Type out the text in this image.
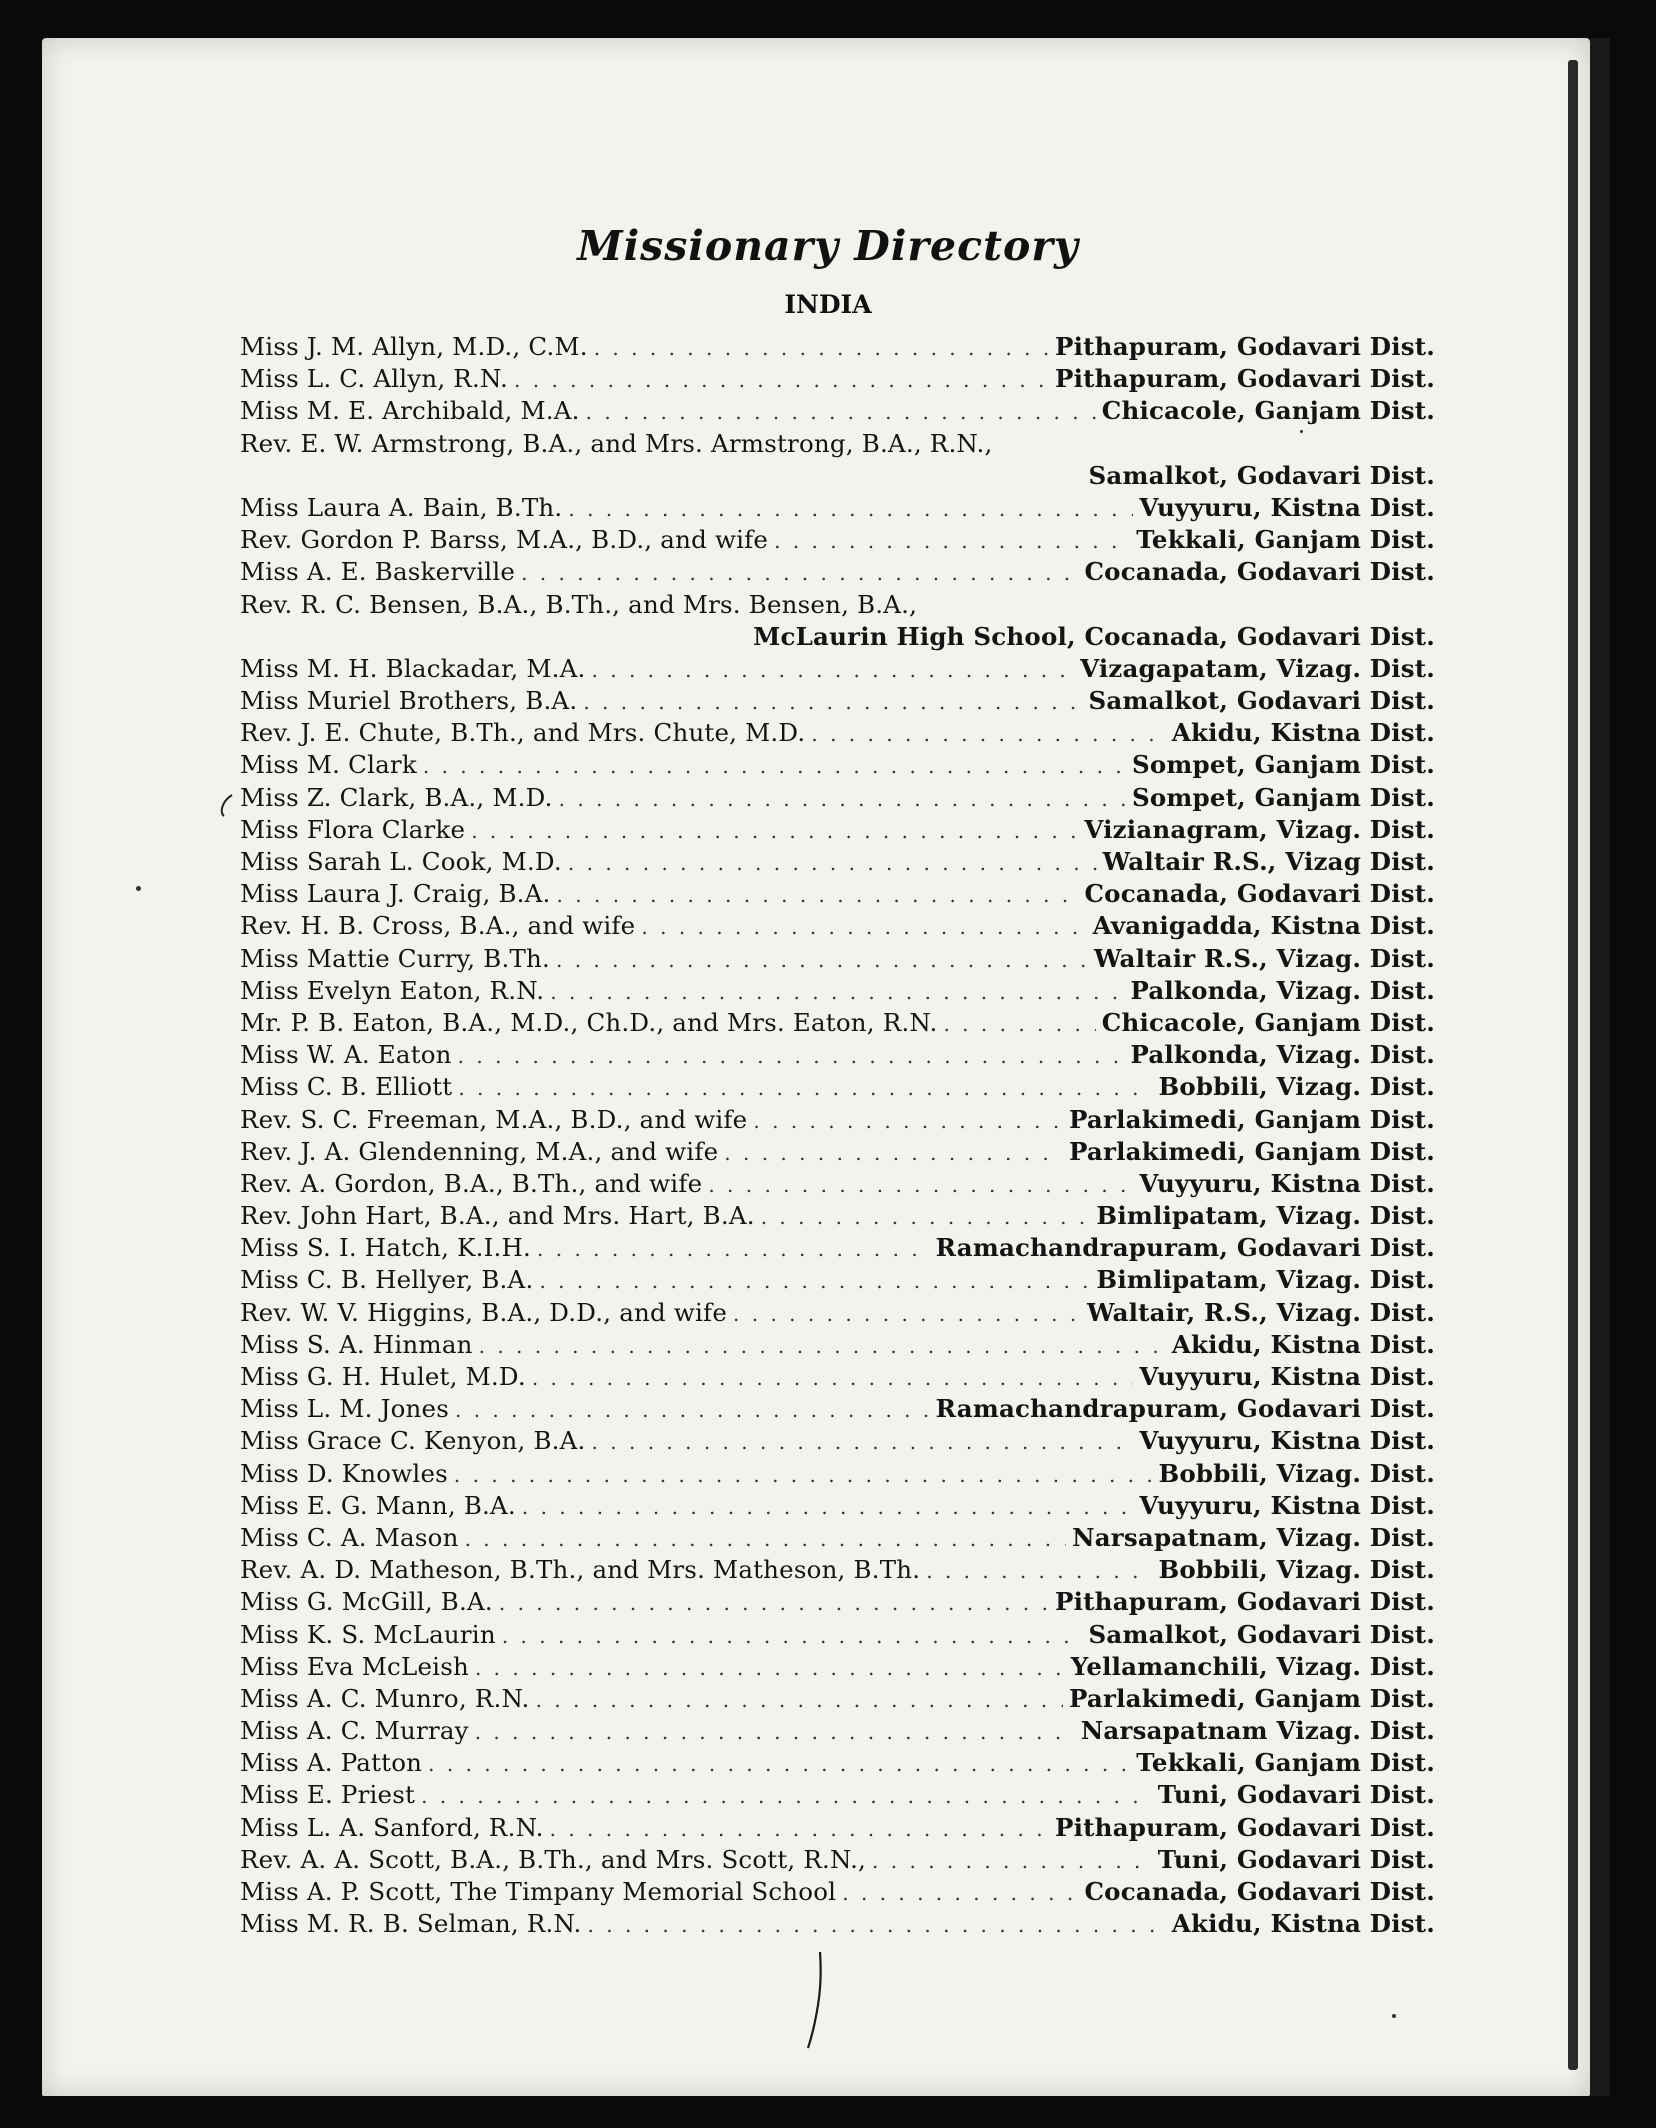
Missionary Directory
INDIA
Miss J. M. Allyn, M.D., C.M. . . .	Pithapuram, Godavari Dist.
Miss L. C. Allyn, R.N. . . .	Pithapuram, Godavari Dist.
Miss M. E. Archibald, M.A. . . .	Chicacole, Ganjam Dist.
Rev. E. W. Armstrong, B.A., and Mrs. Armstrong, B.A., R.N.,
Samalkot, Godavari Dist.
Miss Laura A. Bain, B.Th. . . .	Vuyyuru, Kistna Dist.
Rev. Gordon P. Barss, M.A., B.D., and wife . . .	Tekkali, Ganjam Dist.
Miss A. E. Baskerville . . .	Cocanada, Godavari Dist.
Rev. R. C. Bensen, B.A., B.Th., and Mrs. Bensen, B.A.,
McLaurin High School, Cocanada, Godavari Dist.
Miss M. H. Blackadar, M.A. . . .	Vizagapatam, Vizag. Dist.
Miss Muriel Brothers, B.A. . . .	Samalkot, Godavari Dist.
Rev. J. E. Chute, B.Th., and Mrs. Chute, M.D. . . .	Akidu, Kistna Dist.
Miss M. Clark . . .	Sompet, Ganjam Dist.
Miss Z. Clark, B.A., M.D. . . .	Sompet, Ganjam Dist.
Miss Flora Clarke . . .	Vizianagram, Vizag. Dist.
Miss Sarah L. Cook, M.D. . . .	Waltair R.S., Vizag Dist.
Miss Laura J. Craig, B.A. . . .	Cocanada, Godavari Dist.
Rev. H. B. Cross, B.A., and wife . . .	Avanigadda, Kistna Dist.
Miss Mattie Curry, B.Th. . . .	Waltair R.S., Vizag. Dist.
Miss Evelyn Eaton, R.N. . . .	Palkonda, Vizag. Dist.
Mr. P. B. Eaton, B.A., M.D., Ch.D., and Mrs. Eaton, R.N. . . .	Chicacole, Ganjam Dist.
Miss W. A. Eaton . . .	Palkonda, Vizag. Dist.
Miss C. B. Elliott . . .	Bobbili, Vizag. Dist.
Rev. S. C. Freeman, M.A., B.D., and wife . . .	Parlakimedi, Ganjam Dist.
Rev. J. A. Glendenning, M.A., and wife . . .	Parlakimedi, Ganjam Dist.
Rev. A. Gordon, B.A., B.Th., and wife . . .	Vuyyuru, Kistna Dist.
Rev. John Hart, B.A., and Mrs. Hart, B.A. . . .	Bimlipatam, Vizag. Dist.
Miss S. I. Hatch, K.I.H. . . .	Ramachandrapuram, Godavari Dist.
Miss C. B. Hellyer, B.A. . . .	Bimlipatam, Vizag. Dist.
Rev. W. V. Higgins, B.A., D.D., and wife . . .	Waltair, R.S., Vizag. Dist.
Miss S. A. Hinman . . .	Akidu, Kistna Dist.
Miss G. H. Hulet, M.D. . . .	Vuyyuru, Kistna Dist.
Miss L. M. Jones . . .	Ramachandrapuram, Godavari Dist.
Miss Grace C. Kenyon, B.A. . . .	Vuyyuru, Kistna Dist.
Miss D. Knowles . . .	Bobbili, Vizag. Dist.
Miss E. G. Mann, B.A. . . .	Vuyyuru, Kistna Dist.
Miss C. A. Mason . . .	Narsapatnam, Vizag. Dist.
Rev. A. D. Matheson, B.Th., and Mrs. Matheson, B.Th. . . .	Bobbili, Vizag. Dist.
Miss G. McGill, B.A. . . .	Pithapuram, Godavari Dist.
Miss K. S. McLaurin . . .	Samalkot, Godavari Dist.
Miss Eva McLeish . . .	Yellamanchili, Vizag. Dist.
Miss A. C. Munro, R.N. . . .	Parlakimedi, Ganjam Dist.
Miss A. C. Murray . . .	Narsapatnam Vizag. Dist.
Miss A. Patton . . .	Tekkali, Ganjam Dist.
Miss E. Priest . . .	Tuni, Godavari Dist.
Miss L. A. Sanford, R.N. . . .	Pithapuram, Godavari Dist.
Rev. A. A. Scott, B.A., B.Th., and Mrs. Scott, R.N., . . .	Tuni, Godavari Dist.
Miss A. P. Scott, The Timpany Memorial School . . .	Cocanada, Godavari Dist.
Miss M. R. B. Selman, R.N. . . .	Akidu, Kistna Dist.
